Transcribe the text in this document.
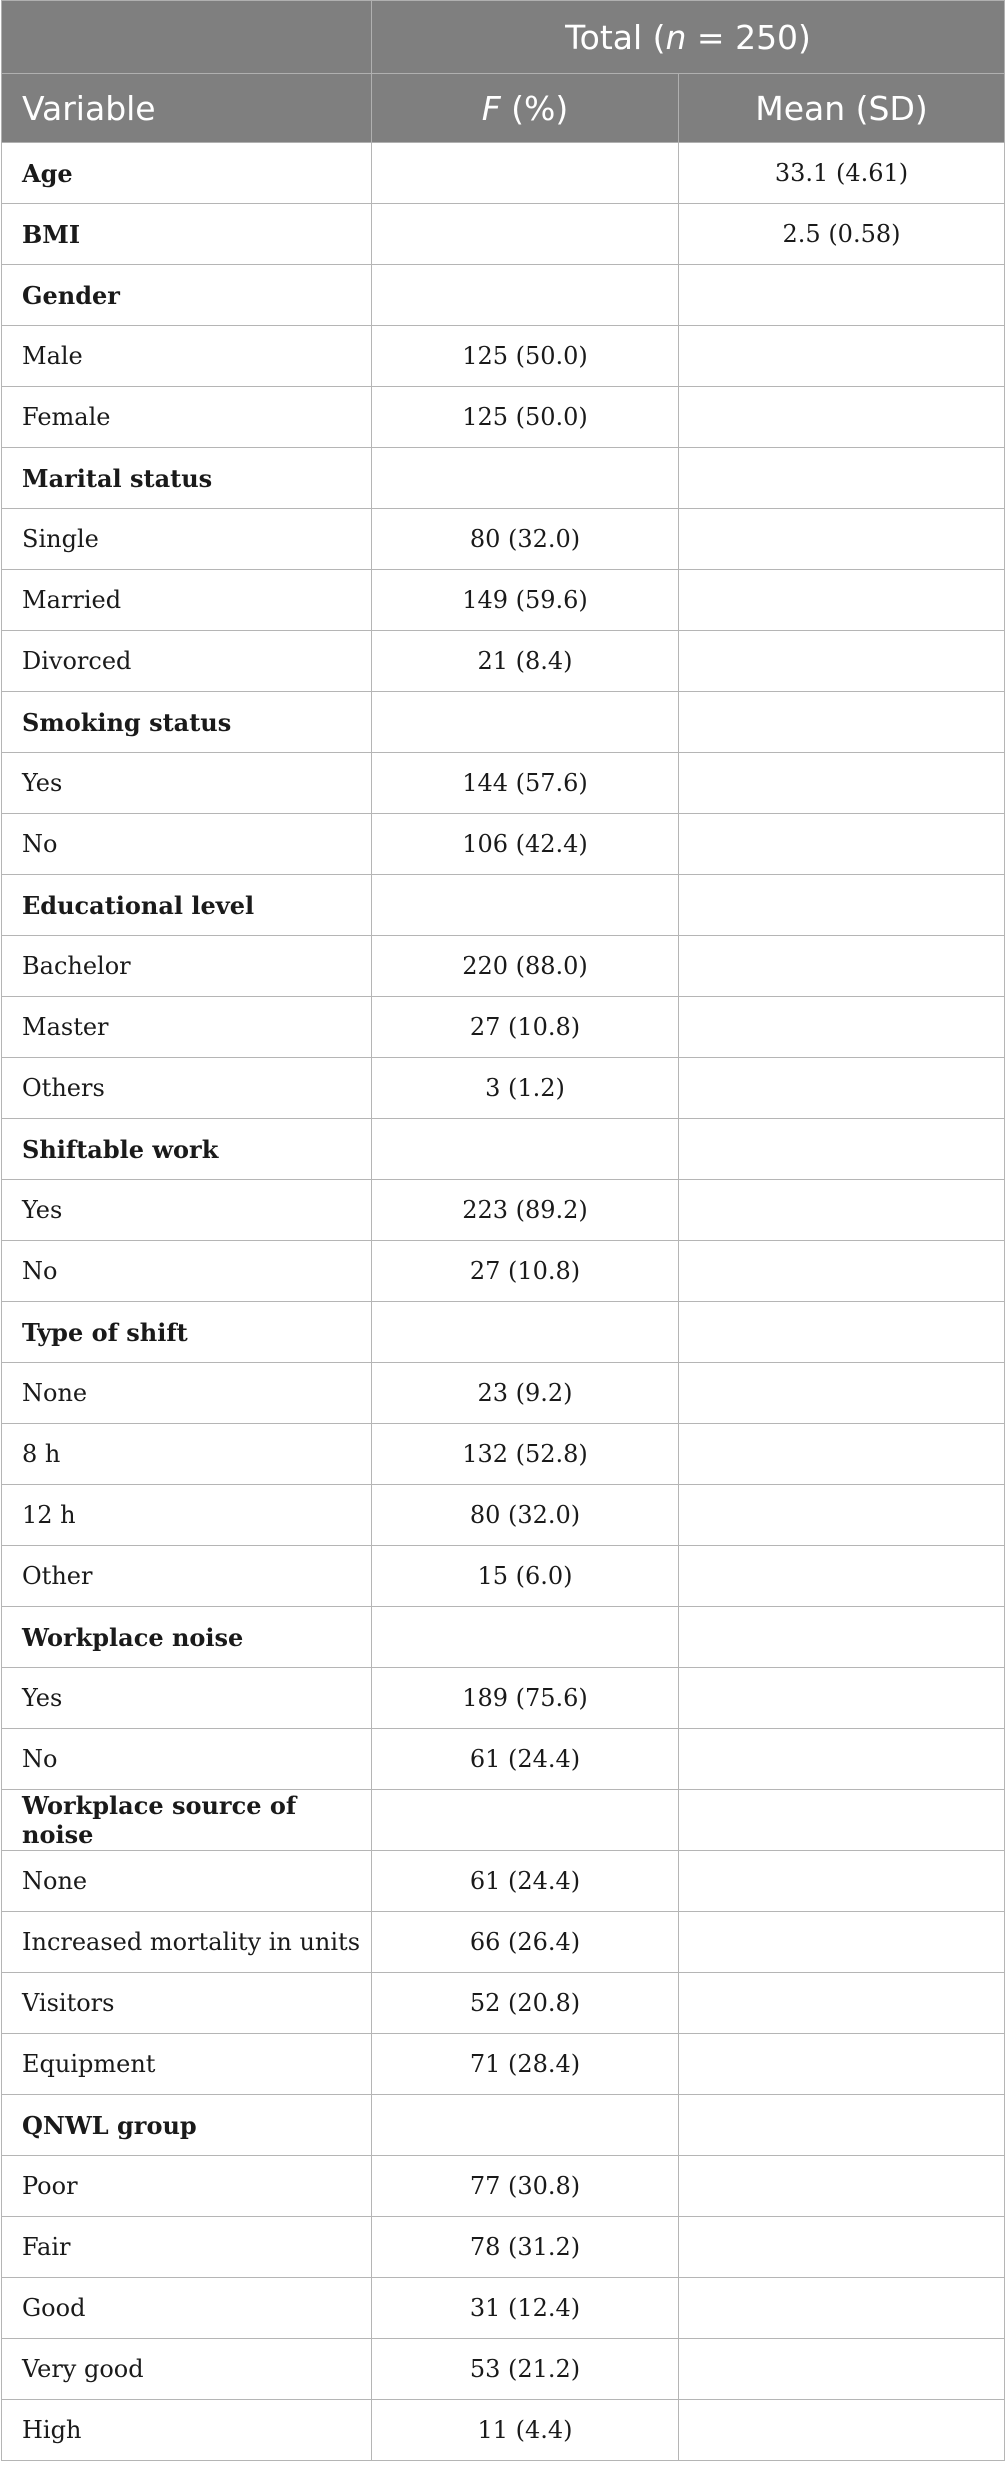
	Total (n = 250)	
Variable	F (%)	Mean (SD)
Age		33.1 (4.61)
BMI		2.5 (0.58)
Gender		
Male	125 (50.0)	
Female	125 (50.0)	
Marital status		
Single	80 (32.0)	
Married	149 (59.6)	
Divorced	21 (8.4)	
Smoking status		
Yes	144 (57.6)	
No	106 (42.4)	
Educational level		
Bachelor	220 (88.0)	
Master	27 (10.8)	
Others	3 (1.2)	
Shiftable work		
Yes	223 (89.2)	
No	27 (10.8)	
Type of shift		
None	23 (9.2)	
8 h	132 (52.8)	
12 h	80 (32.0)	
Other	15 (6.0)	
Workplace noise		
Yes	189 (75.6)	
No	61 (24.4)	
Workplace source of noise		
None	61 (24.4)	
Increased mortality in units	66 (26.4)	
Visitors	52 (20.8)	
Equipment	71 (28.4)	
QNWL group		
Poor	77 (30.8)	
Fair	78 (31.2)	
Good	31 (12.4)	
Very good	53 (21.2)	
High	11 (4.4)	
